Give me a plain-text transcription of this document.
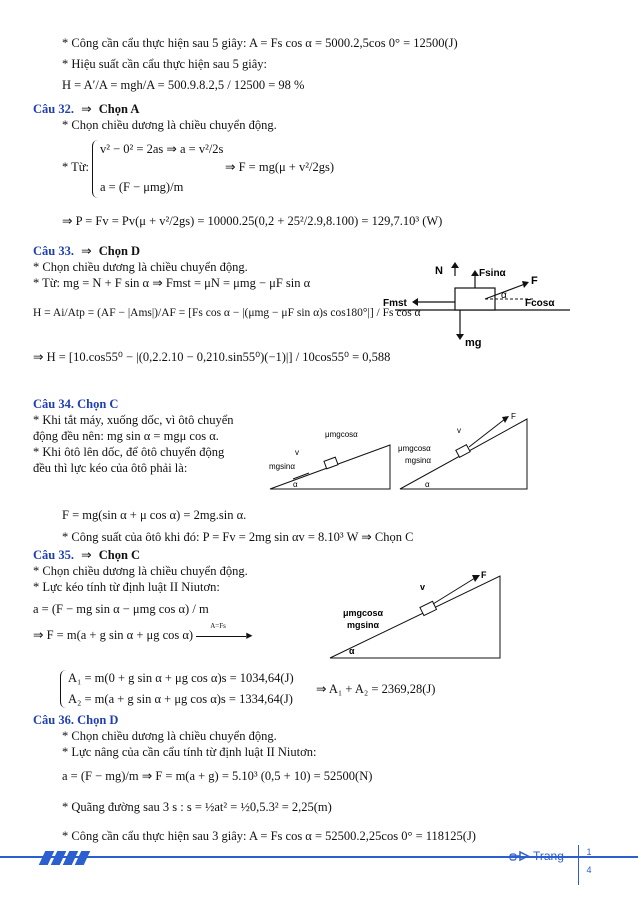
* Công cần cẩu thực hiện sau 5 giây: A = Fs cos α = 5000.2,5cos 0° = 12500(J)
* Hiệu suất cần cẩu thực hiện sau 5 giây:
H = A′/A = mgh/A = 500.9.8.2,5 / 12500 = 98 %
Câu 32. ⇒ Chọn A
* Chọn chiều dương là chiều chuyển động.
* Từ:
v² − 0² = 2as ⇒ a = v²/2s
a = (F − μmg)/m
⇒ F = mg(μ + v²/2gs)
⇒ P = Fv = Pv(μ + v²/2gs) = 10000.25(0,2 + 25²/2.9,8.100) = 129,7.10³ (W)
Câu 33. ⇒ Chọn D
* Chọn chiều dương là chiều chuyển động.
* Từ: mg = N + F sin α ⇒ Fmst = μN = μmg − μF sin α
H = Ai/Atp = (AF − |Ams|)/AF = [Fs cos α − |(μmg − μF sin α)s cos180°|] / Fs cos α
⇒ H = [10.cos55⁰ − |(0,2.2.10 − 0,210.sin55⁰)(−1)|] / 10cos55⁰ = 0,588
N	Fsinα
F
α
Fmst	Fcosα
mg
Câu 34. Chọn C
* Khi tắt máy, xuống dốc, vì ôtô chuyển
động đều nên: mg sin α = mgμ cos α.
* Khi ôtô lên dốc, để ôtô chuyển động
đều thì lực kéo của ôtô phải là:
v
μmgcosα
mgsinα
α
F
v
μmgcosα
mgsinα
α
F = mg(sin α + μ cos α) = 2mg.sin α.
* Công suất của ôtô khi đó: P = Fv = 2mg sin αv = 8.10³ W ⇒ Chọn C
Câu 35. ⇒ Chọn C
* Chọn chiều dương là chiều chuyển động.
* Lực kéo tính từ định luật II Niutơn:
a = (F − mg sin α − μmg cos α) / m
⇒ F = m(a + g sin α + μg cos α)
A=Fs
▸
F
v
μmgcosα
mgsinα
α
A₁ = m(0 + g sin α + μg cos α)s = 1034,64(J)
A₂ = m(a + g sin α + μg cos α)s = 1334,64(J)
⇒ A₁ + A₂ = 2369,28(J)
Câu 36. Chọn D
* Chọn chiều dương là chiều chuyển động.
* Lực nâng của cần cẩu tính từ định luật II Niutơn:
a = (F − mg)/m ⇒ F = m(a + g) = 5.10³ (0,5 + 10) = 52500(N)
* Quãng đường sau 3 s : s = ½at² = ½0,5.3² = 2,25(m)
* Công cần cẩu thực hiện sau 3 giây: A = Fs cos α = 52500.2,25cos 0° = 118125(J)
Trang	1
4
